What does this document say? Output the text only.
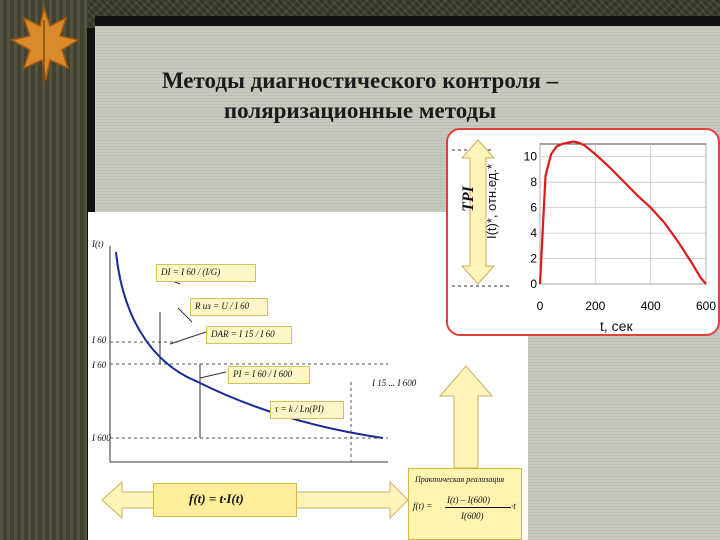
Методы диагностического контроля –
поляризационные методы
I(t)
I 60
I 60
I 600
DI = I 60 / (I/G)
R из = U / I 60
DAR = I 15 / I 60
PI = I 60 / I 600
I 15 ... I 600
τ = k / Ln(PI)
f(t) = t·I(t)
Практическая реализация
f(t) =
I(t) – I(600)
I(600)
·t
TPI I(t)*, отн.ед.*
10
8
6
4
2
0
0	200	400	600
t, сек
